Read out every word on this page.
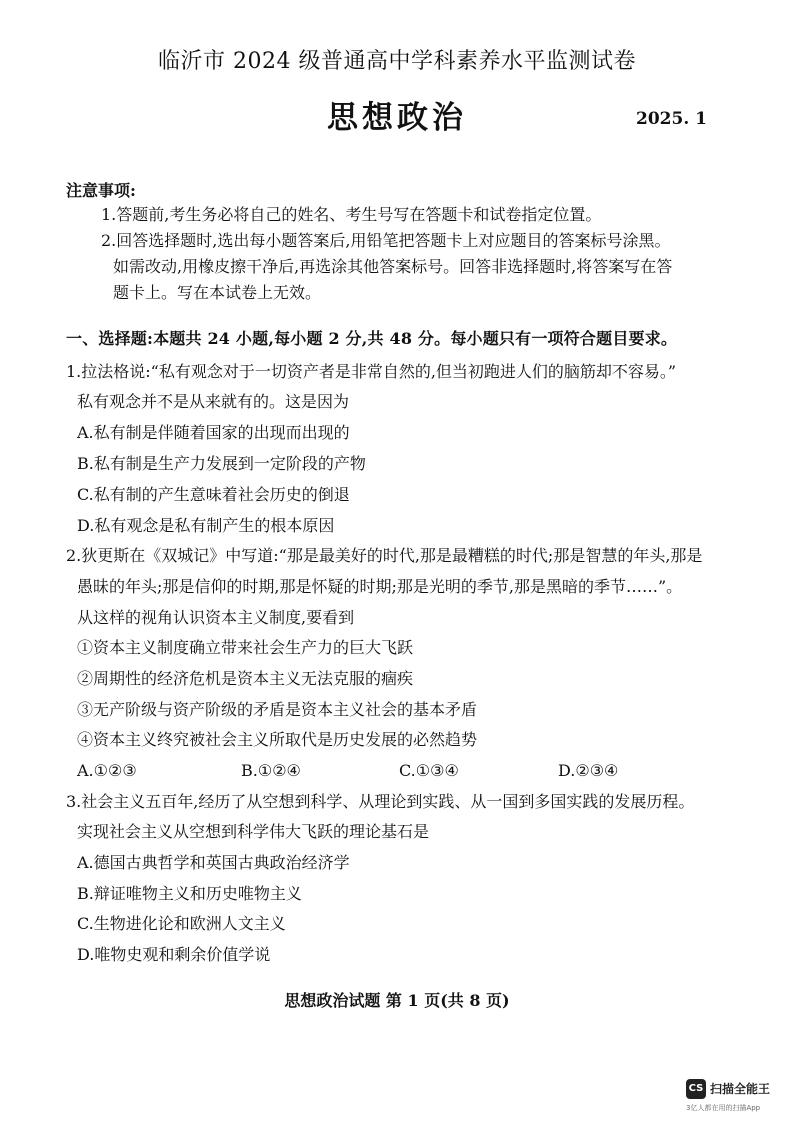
临沂市 2024 级普通高中学科素养水平监测试卷
思想政治	2025. 1
注意事项:
1.答题前,考生务必将自己的姓名、考生号写在答题卡和试卷指定位置。
2.回答选择题时,选出每小题答案后,用铅笔把答题卡上对应题目的答案标号涂黑。
如需改动,用橡皮擦干净后,再选涂其他答案标号。回答非选择题时,将答案写在答
题卡上。写在本试卷上无效。
一、选择题:本题共 24 小题,每小题 2 分,共 48 分。每小题只有一项符合题目要求。
1.拉法格说:“私有观念对于一切资产者是非常自然的,但当初跑进人们的脑筋却不容易。”
私有观念并不是从来就有的。这是因为
A.私有制是伴随着国家的出现而出现的
B.私有制是生产力发展到一定阶段的产物
C.私有制的产生意味着社会历史的倒退
D.私有观念是私有制产生的根本原因
2.狄更斯在《双城记》中写道:“那是最美好的时代,那是最糟糕的时代;那是智慧的年头,那是
愚昧的年头;那是信仰的时期,那是怀疑的时期;那是光明的季节,那是黑暗的季节……”。
从这样的视角认识资本主义制度,要看到
①资本主义制度确立带来社会生产力的巨大飞跃
②周期性的经济危机是资本主义无法克服的痼疾
③无产阶级与资产阶级的矛盾是资本主义社会的基本矛盾
④资本主义终究被社会主义所取代是历史发展的必然趋势
A.①②③	B.①②④	C.①③④	D.②③④
3.社会主义五百年,经历了从空想到科学、从理论到实践、从一国到多国实践的发展历程。
实现社会主义从空想到科学伟大飞跃的理论基石是
A.德国古典哲学和英国古典政治经济学
B.辩证唯物主义和历史唯物主义
C.生物进化论和欧洲人文主义
D.唯物史观和剩余价值学说
思想政治试题 第 1 页(共 8 页)
CS 扫描全能王
3亿人都在用的扫描App
